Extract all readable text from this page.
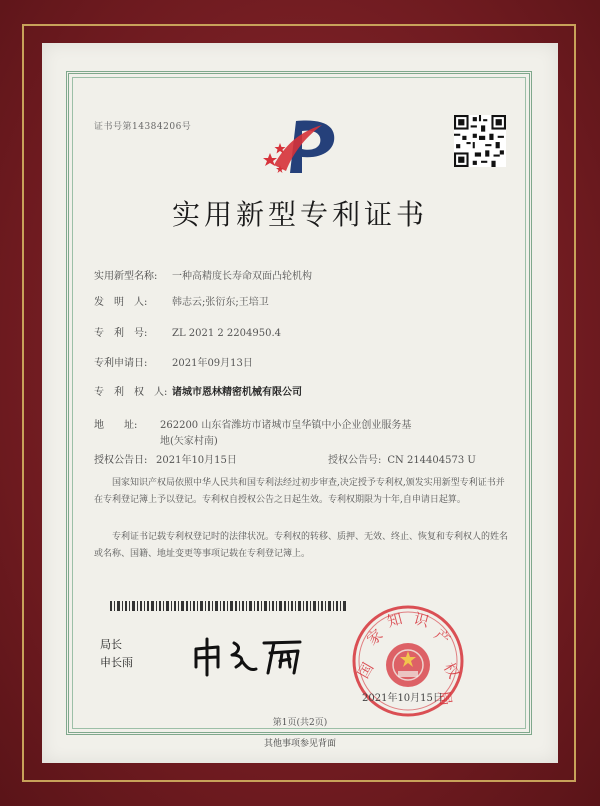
证书号第14384206号
实用新型专利证书
实用新型名称: 一种高精度长寿命双面凸轮机构
发　明　人: 韩志云;张衍东;王培卫
专　利　号: ZL 2021 2 2204950.4
专利申请日: 2021年09月13日
专　利　权　人: 诸城市恩林精密机械有限公司
地　　址: 262200 山东省潍坊市诸城市皇华镇中小企业创业服务基
地(矢家村南)
授权公告日: 2021年10月15日	授权公告号: CN 214404573 U
国家知识产权局依照中华人民共和国专利法经过初步审查,决定授予专利权,颁发实用新型专利证书并在专利登记簿上予以登记。专利权自授权公告之日起生效。专利权期限为十年,自申请日起算。
专利证书记载专利权登记时的法律状况。专利权的转移、质押、无效、终止、恢复和专利权人的姓名或名称、国籍、地址变更等事项记载在专利登记簿上。
局长
申长雨	国
家
知 识
产
权
局
2021年10月15日
第1页(共2页)
其他事项参见背面
